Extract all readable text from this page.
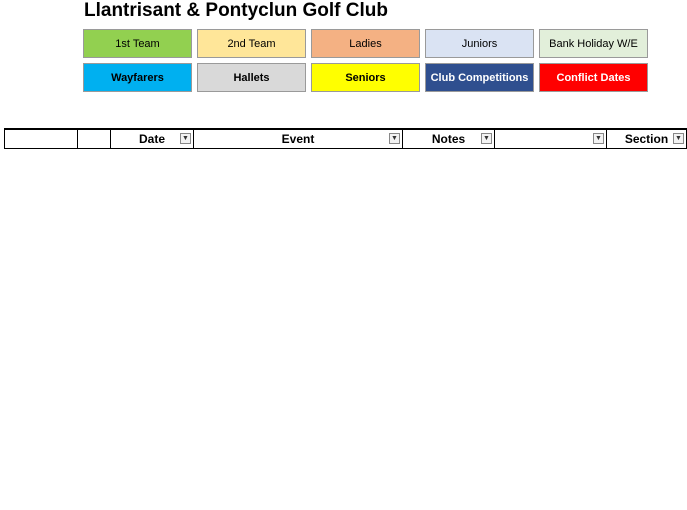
Llantrisant & Pontyclun Golf Club
1st Team	2nd Team	Ladies	Juniors	Bank Holiday W/E
Wayfarers	Hallets	Seniors	Club Competitions	Conflict Dates
		Date ▼	Event	▼	Notes	▼	▼	Section ▼
